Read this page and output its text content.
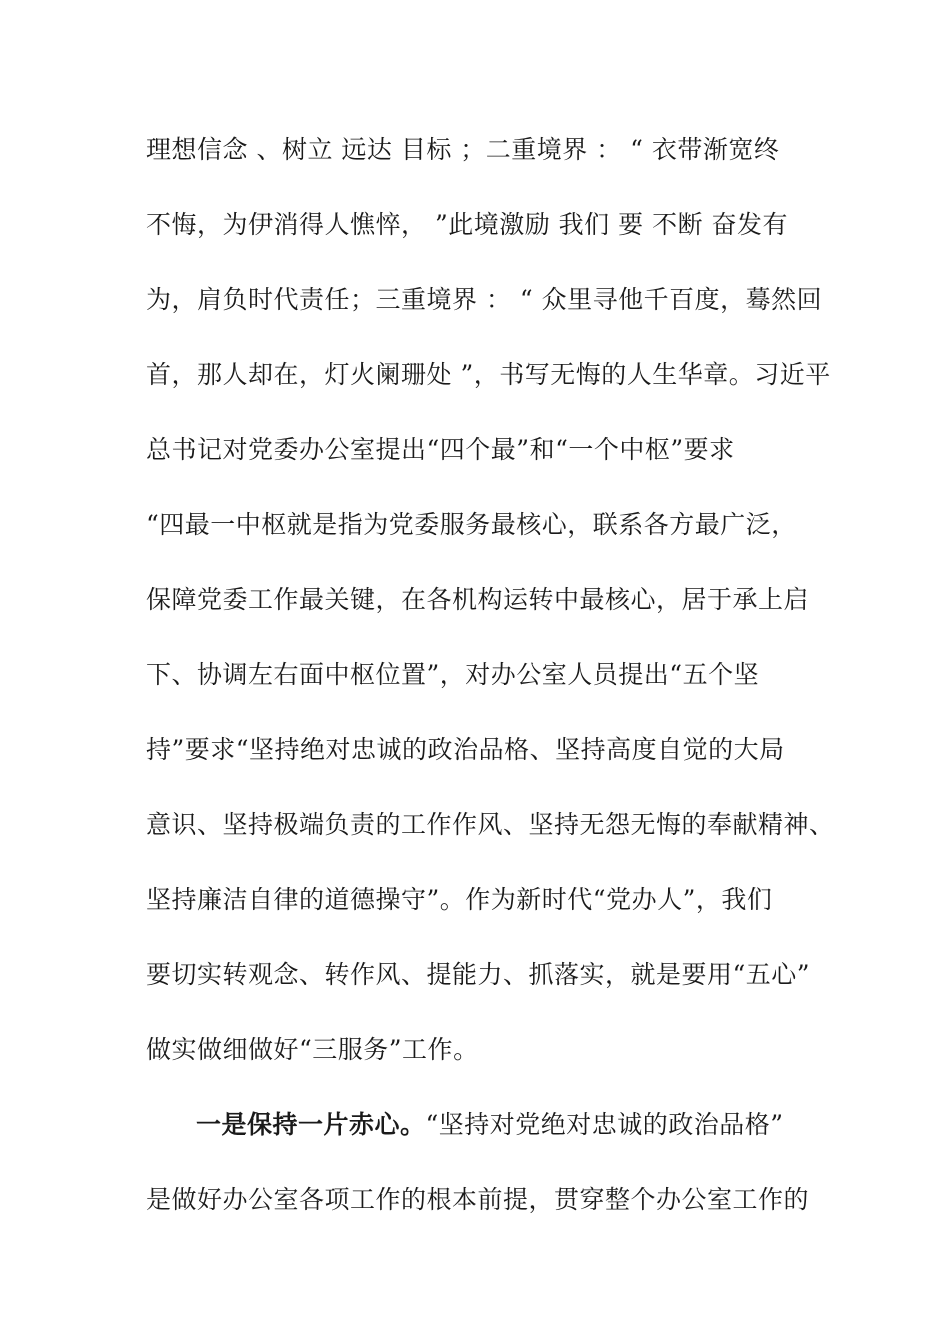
理想信念 、树立 远达 目标 ；二重境界 ： “ 衣带渐宽终
不悔，为伊消得人憔悴， ”此境激励 我们 要 不断 奋发有
为，肩负时代责任；三重境界 ： “ 众里寻他千百度，蓦然回
首，那人却在，灯火阑珊处 ”，书写无悔的人生华章。习近平
总书记对党委办公室提出“四个最”和“一个中枢”要求
“四最一中枢就是指为党委服务最核心，联系各方最广泛，
保障党委工作最关键，在各机构运转中最核心，居于承上启
下、协调左右面中枢位置”，对办公室人员提出“五个坚
持”要求“坚持绝对忠诚的政治品格、坚持高度自觉的大局
意识、坚持极端负责的工作作风、坚持无怨无悔的奉献精神、
坚持廉洁自律的道德操守”。作为新时代“党办人”，我们
要切实转观念、转作风、提能力、抓落实，就是要用“五心”
做实做细做好“三服务”工作。
一是保持一片赤心。“坚持对党绝对忠诚的政治品格”
是做好办公室各项工作的根本前提，贯穿整个办公室工作的
